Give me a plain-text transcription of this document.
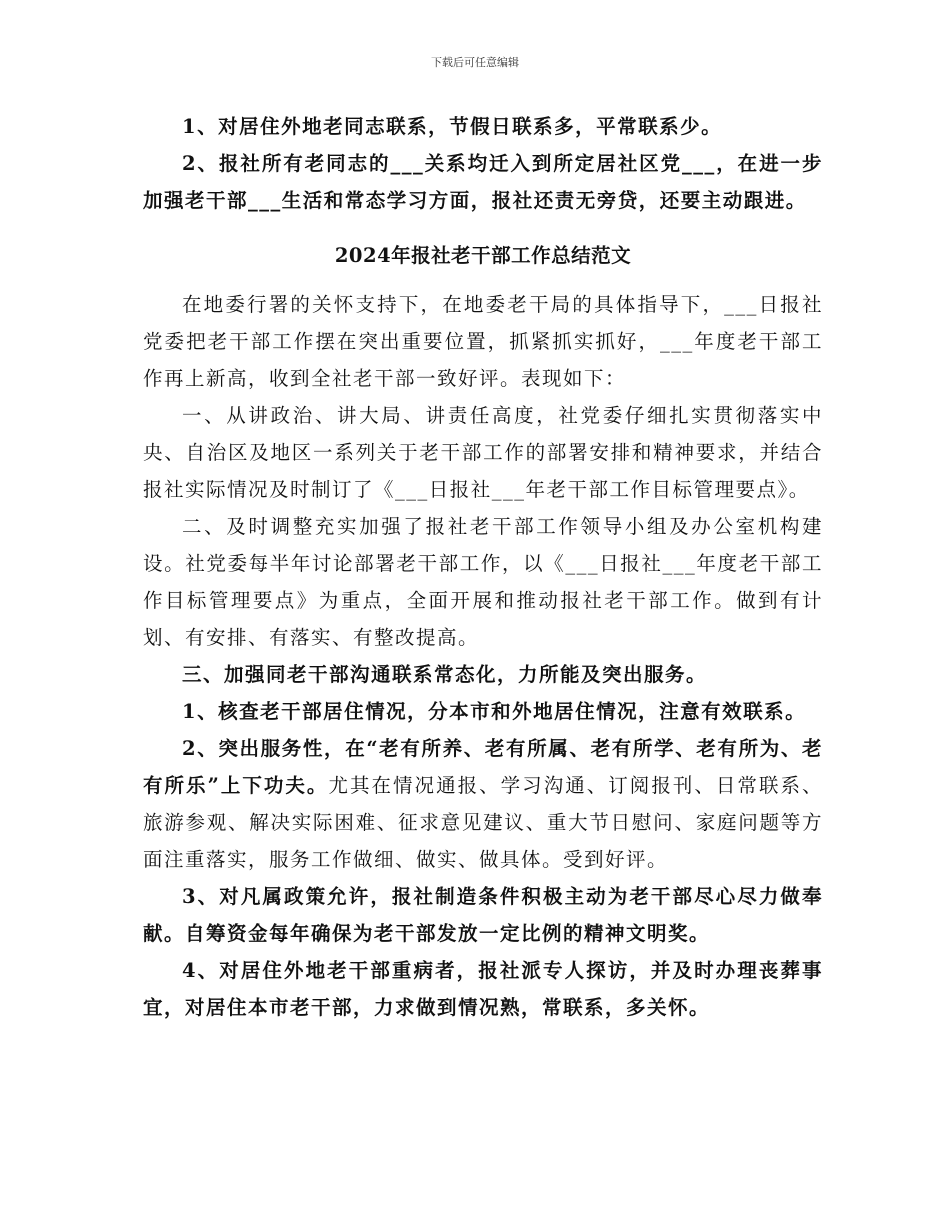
下载后可任意编辑

1、对居住外地老同志联系，节假日联系多，平常联系少。

2、报社所有老同志的___关系均迁入到所定居社区党___，在进一步加强老干部___生活和常态学习方面，报社还责无旁贷，还要主动跟进。

2024年报社老干部工作总结范文

在地委行署的关怀支持下，在地委老干局的具体指导下，___日报社党委把老干部工作摆在突出重要位置，抓紧抓实抓好，___年度老干部工作再上新高，收到全社老干部一致好评。表现如下：

一、从讲政治、讲大局、讲责任高度，社党委仔细扎实贯彻落实中央、自治区及地区一系列关于老干部工作的部署安排和精神要求，并结合报社实际情况及时制订了《___日报社___年老干部工作目标管理要点》。

二、及时调整充实加强了报社老干部工作领导小组及办公室机构建设。社党委每半年讨论部署老干部工作，以《___日报社___年度老干部工作目标管理要点》为重点，全面开展和推动报社老干部工作。做到有计划、有安排、有落实、有整改提高。

三、加强同老干部沟通联系常态化，力所能及突出服务。

1、核查老干部居住情况，分本市和外地居住情况，注意有效联系。

2、突出服务性，在“老有所养、老有所属、老有所学、老有所为、老有所乐”上下功夫。尤其在情况通报、学习沟通、订阅报刊、日常联系、旅游参观、解决实际困难、征求意见建议、重大节日慰问、家庭问题等方面注重落实，服务工作做细、做实、做具体。受到好评。

3、对凡属政策允许，报社制造条件积极主动为老干部尽心尽力做奉献。自筹资金每年确保为老干部发放一定比例的精神文明奖。

4、对居住外地老干部重病者，报社派专人探访，并及时办理丧葬事宜，对居住本市老干部，力求做到情况熟，常联系，多关怀。
